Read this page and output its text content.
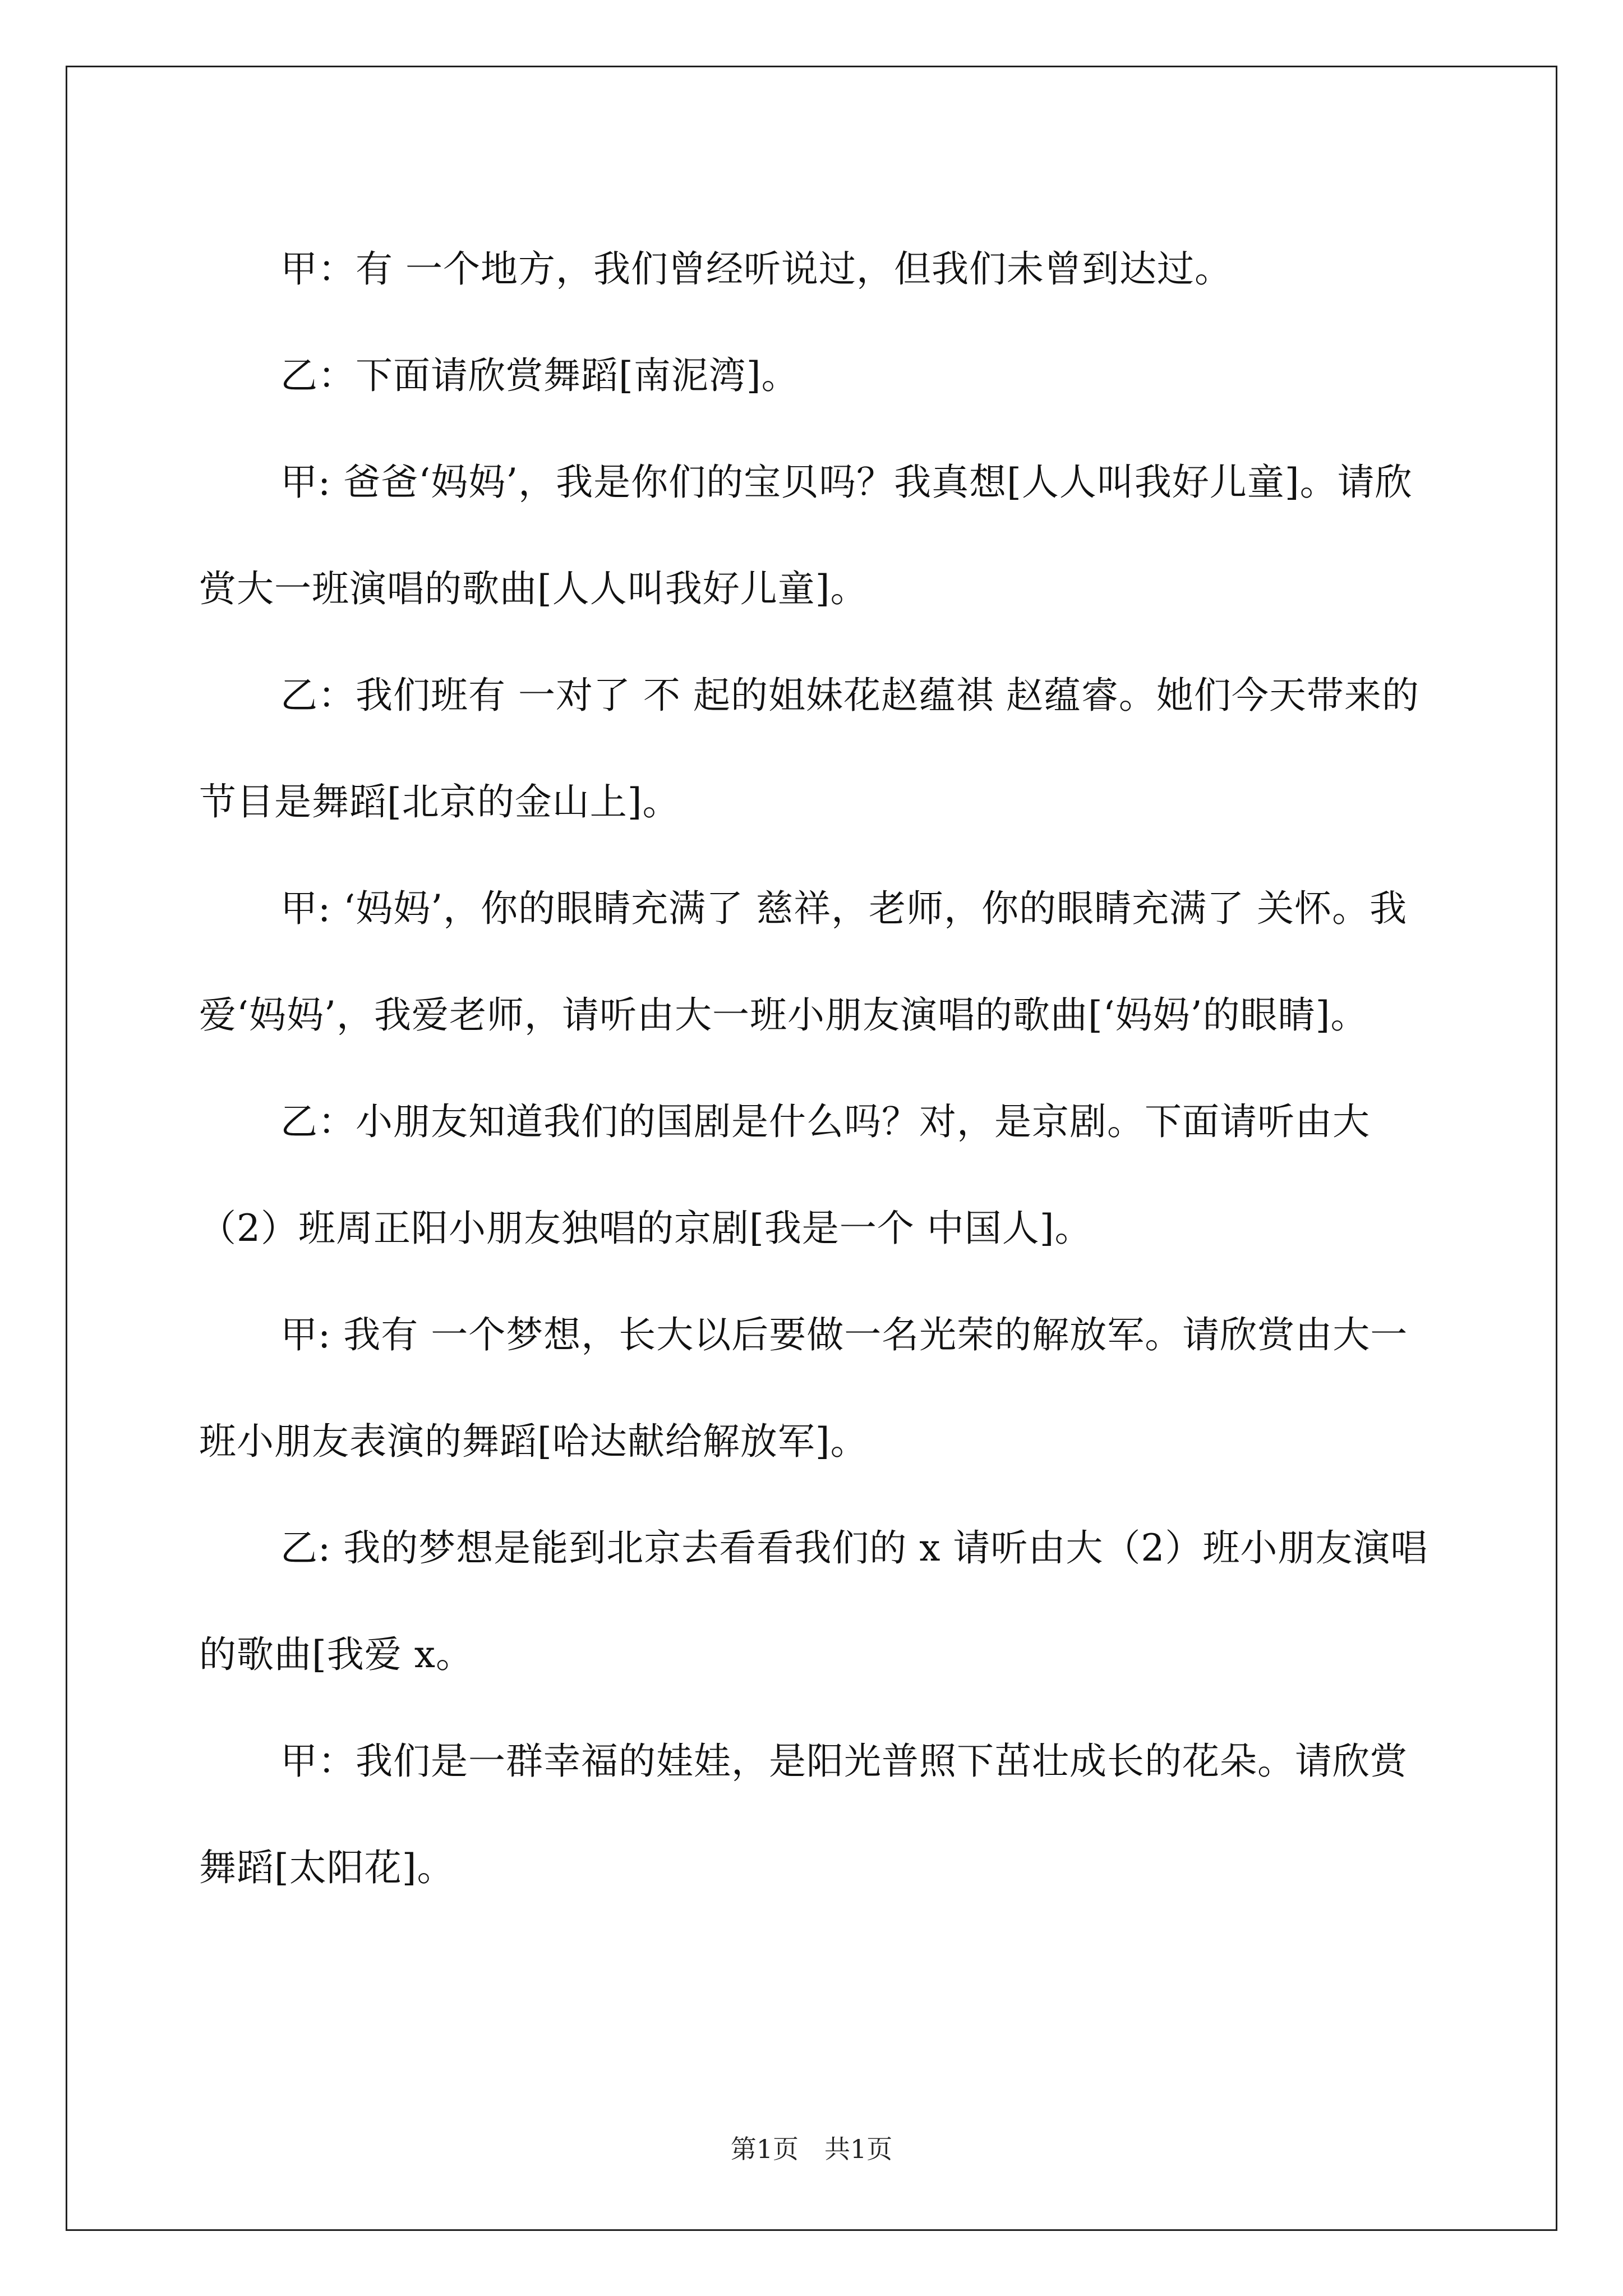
甲：有 一个地方，我们曾经听说过，但我们未曾到达过。

乙：下面请欣赏舞蹈[南泥湾]。

甲: 爸爸‘妈妈’，我是你们的宝贝吗？我真想[人人叫我好儿童]。请欣赏大一班演唱的歌曲[人人叫我好儿童]。

乙：我们班有 一对了 不 起的姐妹花赵蕴祺 赵蕴睿。她们今天带来的节目是舞蹈[北京的金山上]。

甲: ‘妈妈’，你的眼睛充满了 慈祥，老师，你的眼睛充满了 关怀。我爱‘妈妈’，我爱老师，请听由大一班小朋友演唱的歌曲[‘妈妈’的眼睛]。

乙：小朋友知道我们的国剧是什么吗？对，是京剧。下面请听由大（2）班周正阳小朋友独唱的京剧[我是一个 中国人]。

甲: 我有 一个梦想，长大以后要做一名光荣的解放军。请欣赏由大一班小朋友表演的舞蹈[哈达献给解放军]。

乙: 我的梦想是能到北京去看看我们的 x 请听由大（2）班小朋友演唱的歌曲[我爱 x。

甲：我们是一群幸福的娃娃，是阳光普照下茁壮成长的花朵。请欣赏舞蹈[太阳花]。

第1页　共1页
